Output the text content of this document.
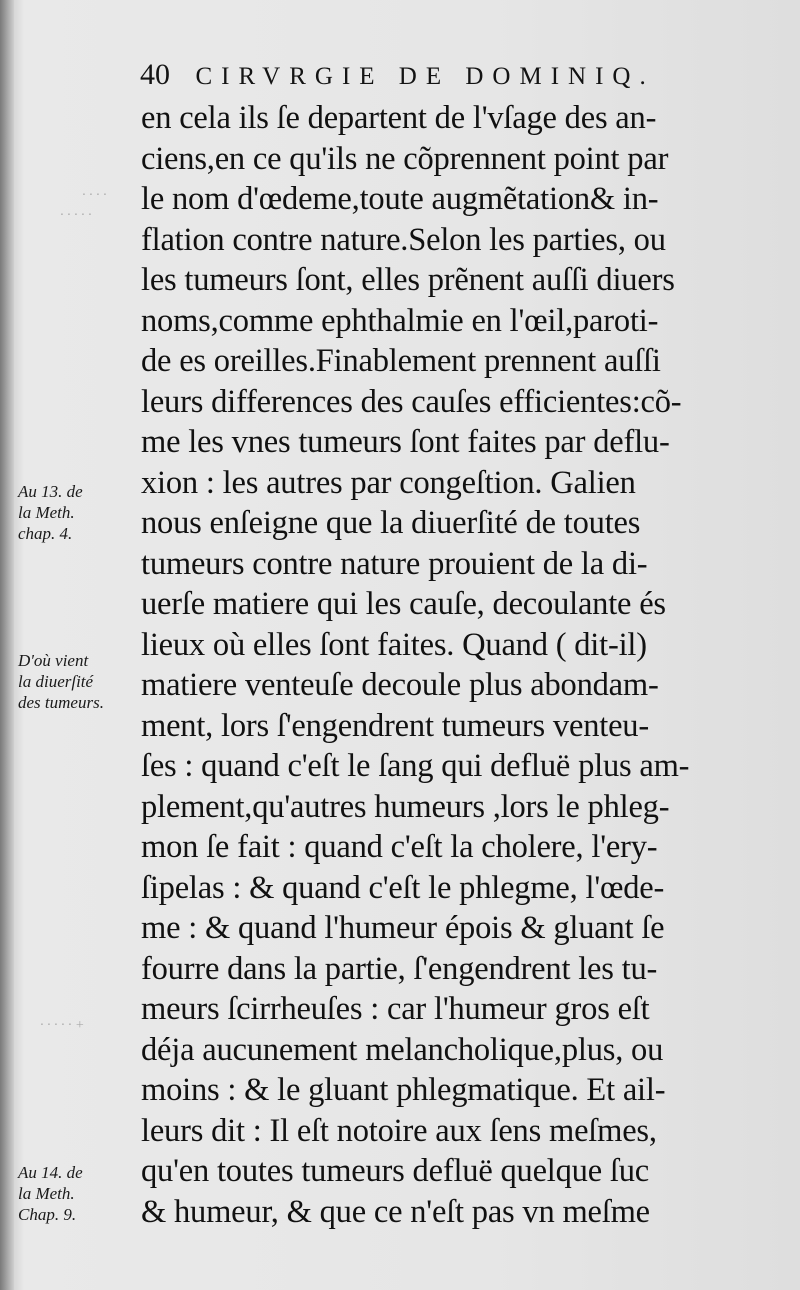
40 CIRVRGIE DE DOMINIQ.
en cela ils ſe departent de l'vſage des an-
ciens,en ce qu'ils ne cõprennent point par
le nom d'œdeme,toute augmẽtation& in-
flation contre nature.Selon les parties, ou
les tumeurs ſont, elles prẽnent auſſi diuers
noms,comme ephthalmie en l'œil,paroti-
de es oreilles.Finablement prennent auſſi
leurs differences des cauſes efficientes:cõ-
me les vnes tumeurs ſont faites par deflu-
xion : les autres par congeſtion. Galien
nous enſeigne que la diuerſité de toutes
tumeurs contre nature prouient de la di-
uerſe matiere qui les cauſe, decoulante és
lieux où elles ſont faites. Quand ( dit-il)
matiere venteuſe decoule plus abondam-
ment, lors ſ'engendrent tumeurs venteu-
ſes : quand c'eſt le ſang qui defluë plus am-
plement,qu'autres humeurs ,lors le phleg-
mon ſe fait : quand c'eſt la cholere, l'ery-
ſipelas : & quand c'eſt le phlegme, l'œde-
me : & quand l'humeur épois & gluant ſe
fourre dans la partie, ſ'engendrent les tu-
meurs ſcirrheuſes : car l'humeur gros eſt
déja aucunement melancholique,plus, ou
moins : & le gluant phlegmatique. Et ail-
leurs dit : Il eſt notoire aux ſens meſmes,
qu'en toutes tumeurs defluë quelque ſuc
& humeur, & que ce n'eſt pas vn meſme
Au 13. de
la Meth.
chap. 4.
D'où vient
la diuerſité
des tumeurs.
Au 14. de
la Meth.
Chap. 9.
· · · ·
· · · · ·
· · · · · +
